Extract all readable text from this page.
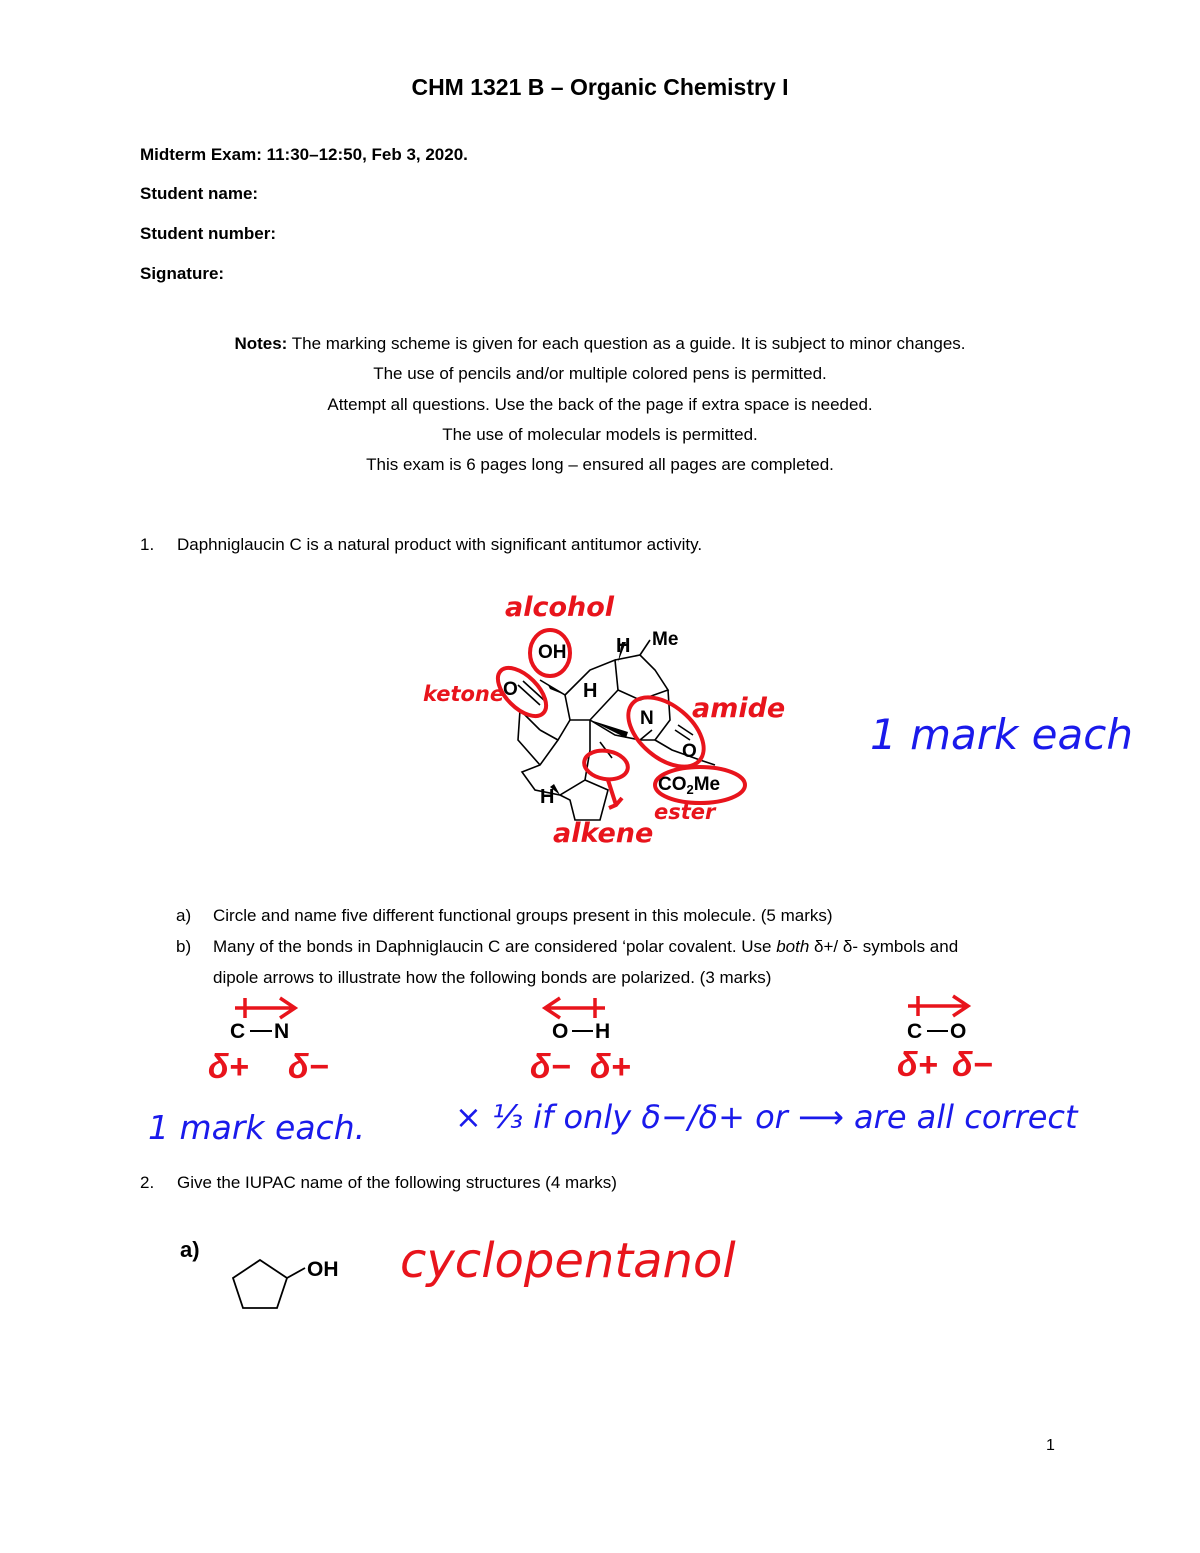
CHM 1321 B – Organic Chemistry I
Midterm Exam: 11:30–12:50, Feb 3, 2020.
Student name:
Student number:
Signature:
Notes: The marking scheme is given for each question as a guide. It is subject to minor changes.
The use of pencils and/or multiple colored pens is permitted.
Attempt all questions. Use the back of the page if extra space is needed.
The use of molecular models is permitted.
This exam is 6 pages long – ensured all pages are completed.
1. Daphniglaucin C is a natural product with significant antitumor activity.
OH
O
H Me
H
N
O
$CO_2Me$
H
alcohol
ketone	amide
ester
alkene
1 mark each
a) Circle and name five different functional groups present in this molecule. (5 marks)
b) Many of the bonds in Daphniglaucin C are considered ‘polar covalent. Use both δ+/ δ- symbols and
dipole arrows to illustrate how the following bonds are polarized. (3 marks)
C N	O H	C O
δ+ δ−	δ− δ+	δ+ δ−
1 mark each.	× ⅓ if only δ−/δ+ or ⟶ are all correct
2. Give the IUPAC name of the following structures (4 marks)
a)
OH cyclopentanol
1
